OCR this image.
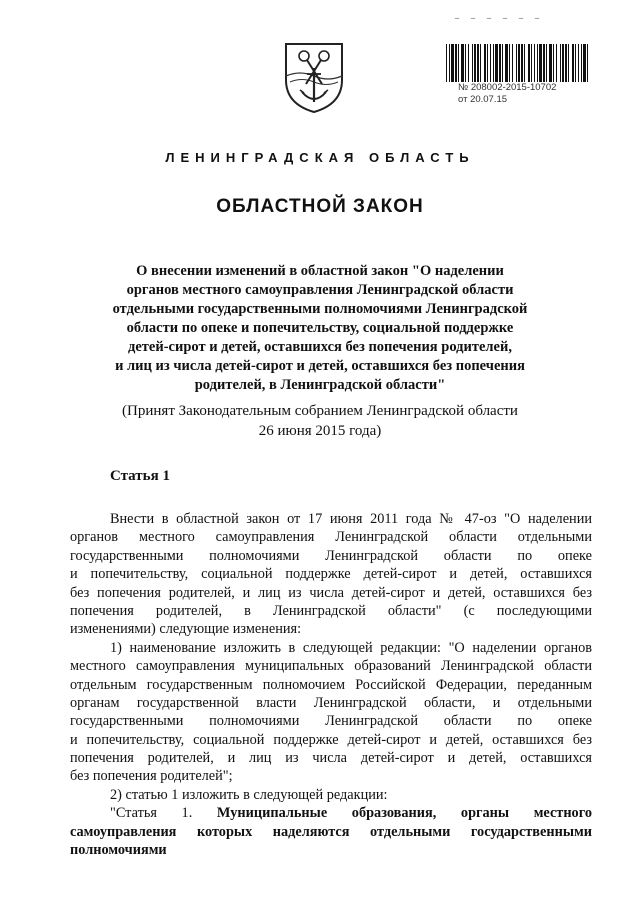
– – – – – –
№ 208002-2015-10702
от 20.07.15
ЛЕНИНГРАДСКАЯ ОБЛАСТЬ
ОБЛАСТНОЙ ЗАКОН
О внесении изменений в областной закон "О наделении
органов местного самоуправления Ленинградской области
отдельными государственными полномочиями Ленинградской
области по опеке и попечительству, социальной поддержке
детей-сирот и детей, оставшихся без попечения родителей,
и лиц из числа детей-сирот и детей, оставшихся без попечения
родителей, в Ленинградской области"
(Принят Законодательным собранием Ленинградской области
26 июня 2015 года)
Статья 1
Внести в областной закон от 17 июня 2011 года № 47-оз "О наделении
органов местного самоуправления Ленинградской области отдельными
государственными полномочиями Ленинградской области по опеке
и попечительству, социальной поддержке детей-сирот и детей, оставшихся
без попечения родителей, и лиц из числа детей-сирот и детей, оставшихся без
попечения родителей, в Ленинградской области" (с последующими
изменениями) следующие изменения:
1) наименование изложить в следующей редакции: "О наделении органов
местного самоуправления муниципальных образований Ленинградской области
отдельным государственным полномочием Российской Федерации, переданным
органам государственной власти Ленинградской области, и отдельными
государственными полномочиями Ленинградской области по опеке
и попечительству, социальной поддержке детей-сирот и детей, оставшихся без
попечения родителей, и лиц из числа детей-сирот и детей, оставшихся
без попечения родителей";
2) статью 1 изложить в следующей редакции:
"Статья 1. Муниципальные образования, органы местного
самоуправления которых наделяются отдельными государственными
полномочиями
